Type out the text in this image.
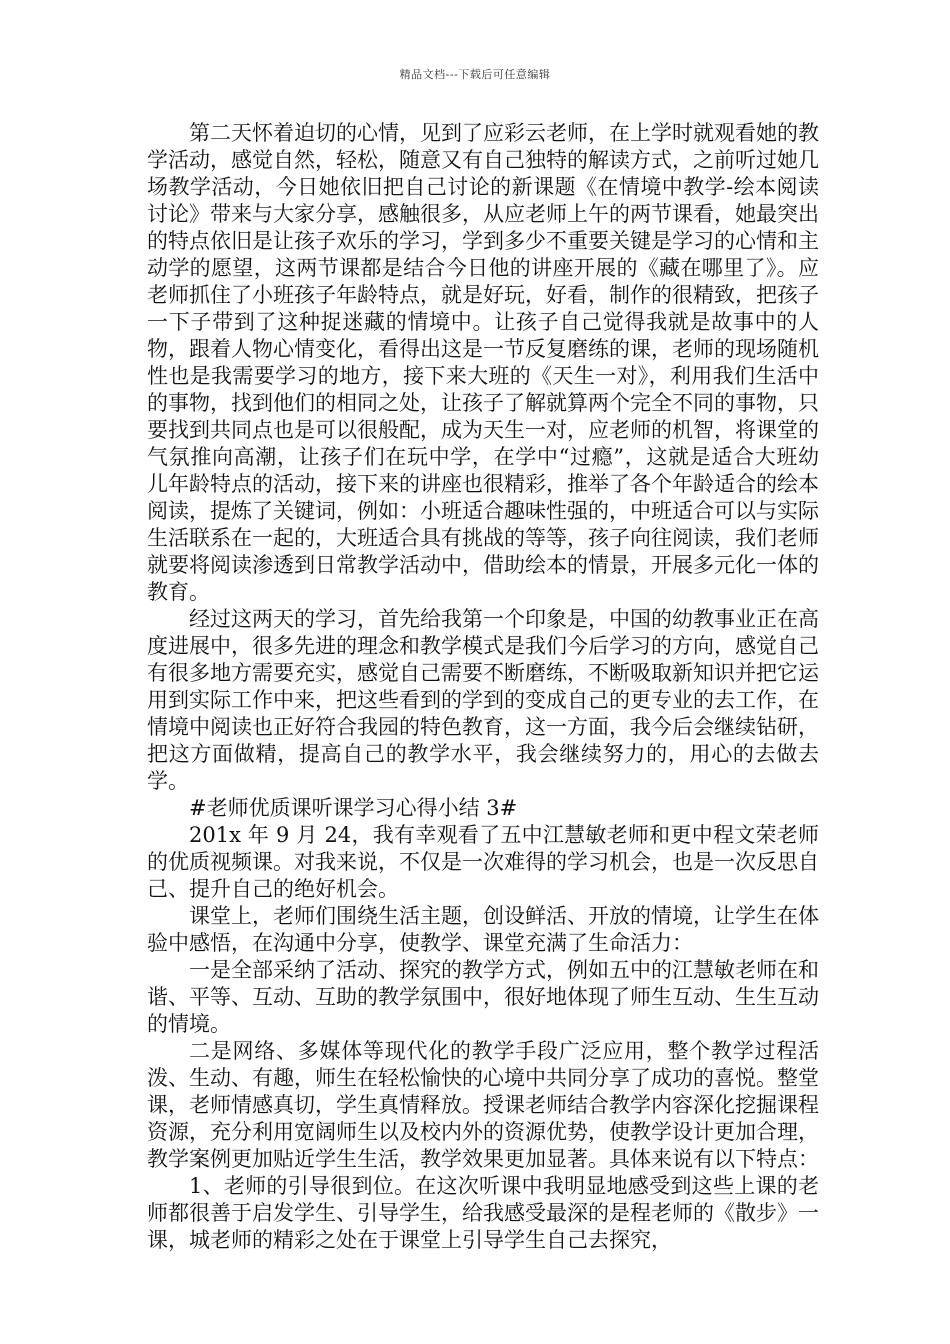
精品文档---下载后可任意编辑

第二天怀着迫切的心情，见到了应彩云老师，在上学时就观看她的教学活动，感觉自然，轻松，随意又有自己独特的解读方式，之前听过她几场教学活动，今日她依旧把自己讨论的新课题《在情境中教学-绘本阅读讨论》带来与大家分享，感触很多，从应老师上午的两节课看，她最突出的特点依旧是让孩子欢乐的学习，学到多少不重要关键是学习的心情和主动学的愿望，这两节课都是结合今日他的讲座开展的《藏在哪里了》。应老师抓住了小班孩子年龄特点，就是好玩，好看，制作的很精致，把孩子一下子带到了这种捉迷藏的情境中。让孩子自己觉得我就是故事中的人物，跟着人物心情变化，看得出这是一节反复磨练的课，老师的现场随机性也是我需要学习的地方，接下来大班的《天生一对》，利用我们生活中的事物，找到他们的相同之处，让孩子了解就算两个完全不同的事物，只要找到共同点也是可以很般配，成为天生一对，应老师的机智，将课堂的气氛推向高潮，让孩子们在玩中学，在学中“过瘾”，这就是适合大班幼儿年龄特点的活动，接下来的讲座也很精彩，推举了各个年龄适合的绘本阅读，提炼了关键词，例如：小班适合趣味性强的，中班适合可以与实际生活联系在一起的，大班适合具有挑战的等等，孩子向往阅读，我们老师就要将阅读渗透到日常教学活动中，借助绘本的情景，开展多元化一体的教育。

经过这两天的学习，首先给我第一个印象是，中国的幼教事业正在高度进展中，很多先进的理念和教学模式是我们今后学习的方向，感觉自己有很多地方需要充实，感觉自己需要不断磨练，不断吸取新知识并把它运用到实际工作中来，把这些看到的学到的变成自己的更专业的去工作，在情境中阅读也正好符合我园的特色教育，这一方面，我今后会继续钻研，把这方面做精，提高自己的教学水平，我会继续努力的，用心的去做去学。

#老师优质课听课学习心得小结 3#

201x 年 9 月 24，我有幸观看了五中江慧敏老师和更中程文荣老师的优质视频课。对我来说，不仅是一次难得的学习机会，也是一次反思自己、提升自己的绝好机会。

课堂上，老师们围绕生活主题，创设鲜活、开放的情境，让学生在体验中感悟，在沟通中分享，使教学、课堂充满了生命活力：

一是全部采纳了活动、探究的教学方式，例如五中的江慧敏老师在和谐、平等、互动、互助的教学氛围中，很好地体现了师生互动、生生互动的情境。

二是网络、多媒体等现代化的教学手段广泛应用，整个教学过程活泼、生动、有趣，师生在轻松愉快的心境中共同分享了成功的喜悦。整堂课，老师情感真切，学生真情释放。授课老师结合教学内容深化挖掘课程资源，充分利用宽阔师生以及校内外的资源优势，使教学设计更加合理，教学案例更加贴近学生生活，教学效果更加显著。具体来说有以下特点：

1、老师的引导很到位。在这次听课中我明显地感受到这些上课的老师都很善于启发学生、引导学生，给我感受最深的是程老师的《散步》一课，城老师的精彩之处在于课堂上引导学生自己去探究，
